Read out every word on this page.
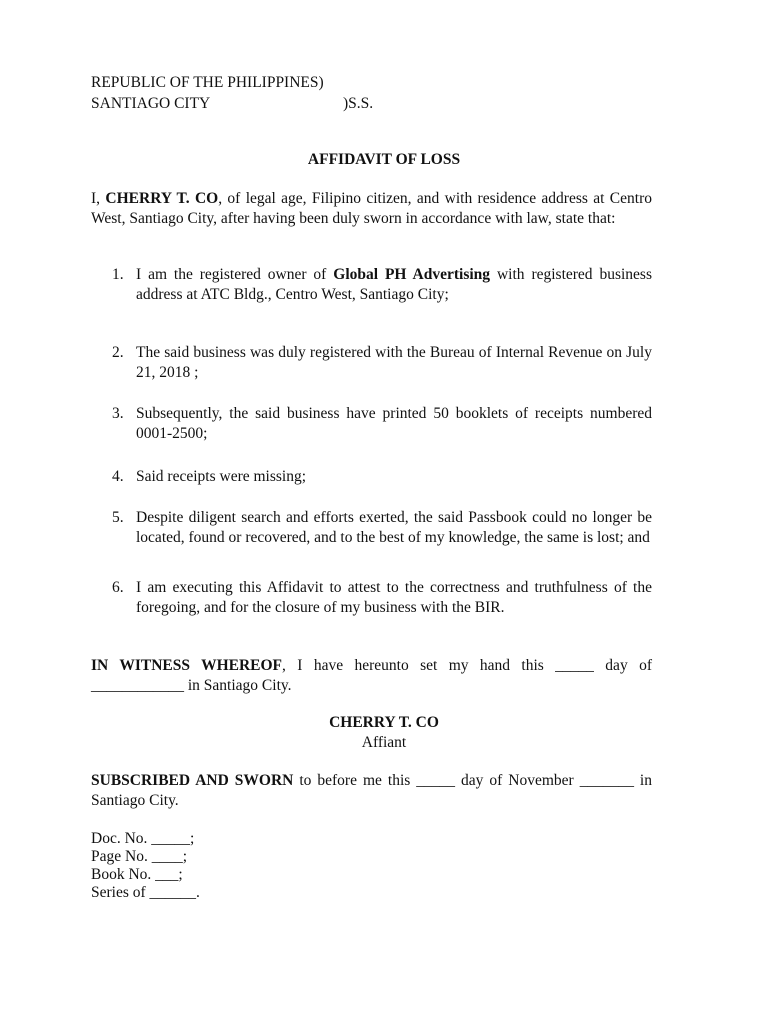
REPUBLIC OF THE PHILIPPINES)
SANTIAGO CITY	)S.S.
AFFIDAVIT OF LOSS
I, CHERRY T. CO, of legal age, Filipino citizen, and with residence address at Centro West, Santiago City, after having been duly sworn in accordance with law, state that:
1. I am the registered owner of Global PH Advertising with registered business address at ATC Bldg., Centro West, Santiago City;
2. The said business was duly registered with the Bureau of Internal Revenue on July 21, 2018 ;
3. Subsequently, the said business have printed 50 booklets of receipts numbered 0001-2500;
4. Said receipts were missing;
5. Despite diligent search and efforts exerted, the said Passbook could no longer be located, found or recovered, and to the best of my knowledge, the same is lost; and
6. I am executing this Affidavit to attest to the correctness and truthfulness of the foregoing, and for the closure of my business with the BIR.
IN WITNESS WHEREOF, I have hereunto set my hand this _____ day of ____________ in Santiago City.
CHERRY T. CO
Affiant
SUBSCRIBED AND SWORN to before me this _____ day of November _______ in Santiago City.
Doc. No. _____;
Page No. ____;
Book No. ___;
Series of ______.
